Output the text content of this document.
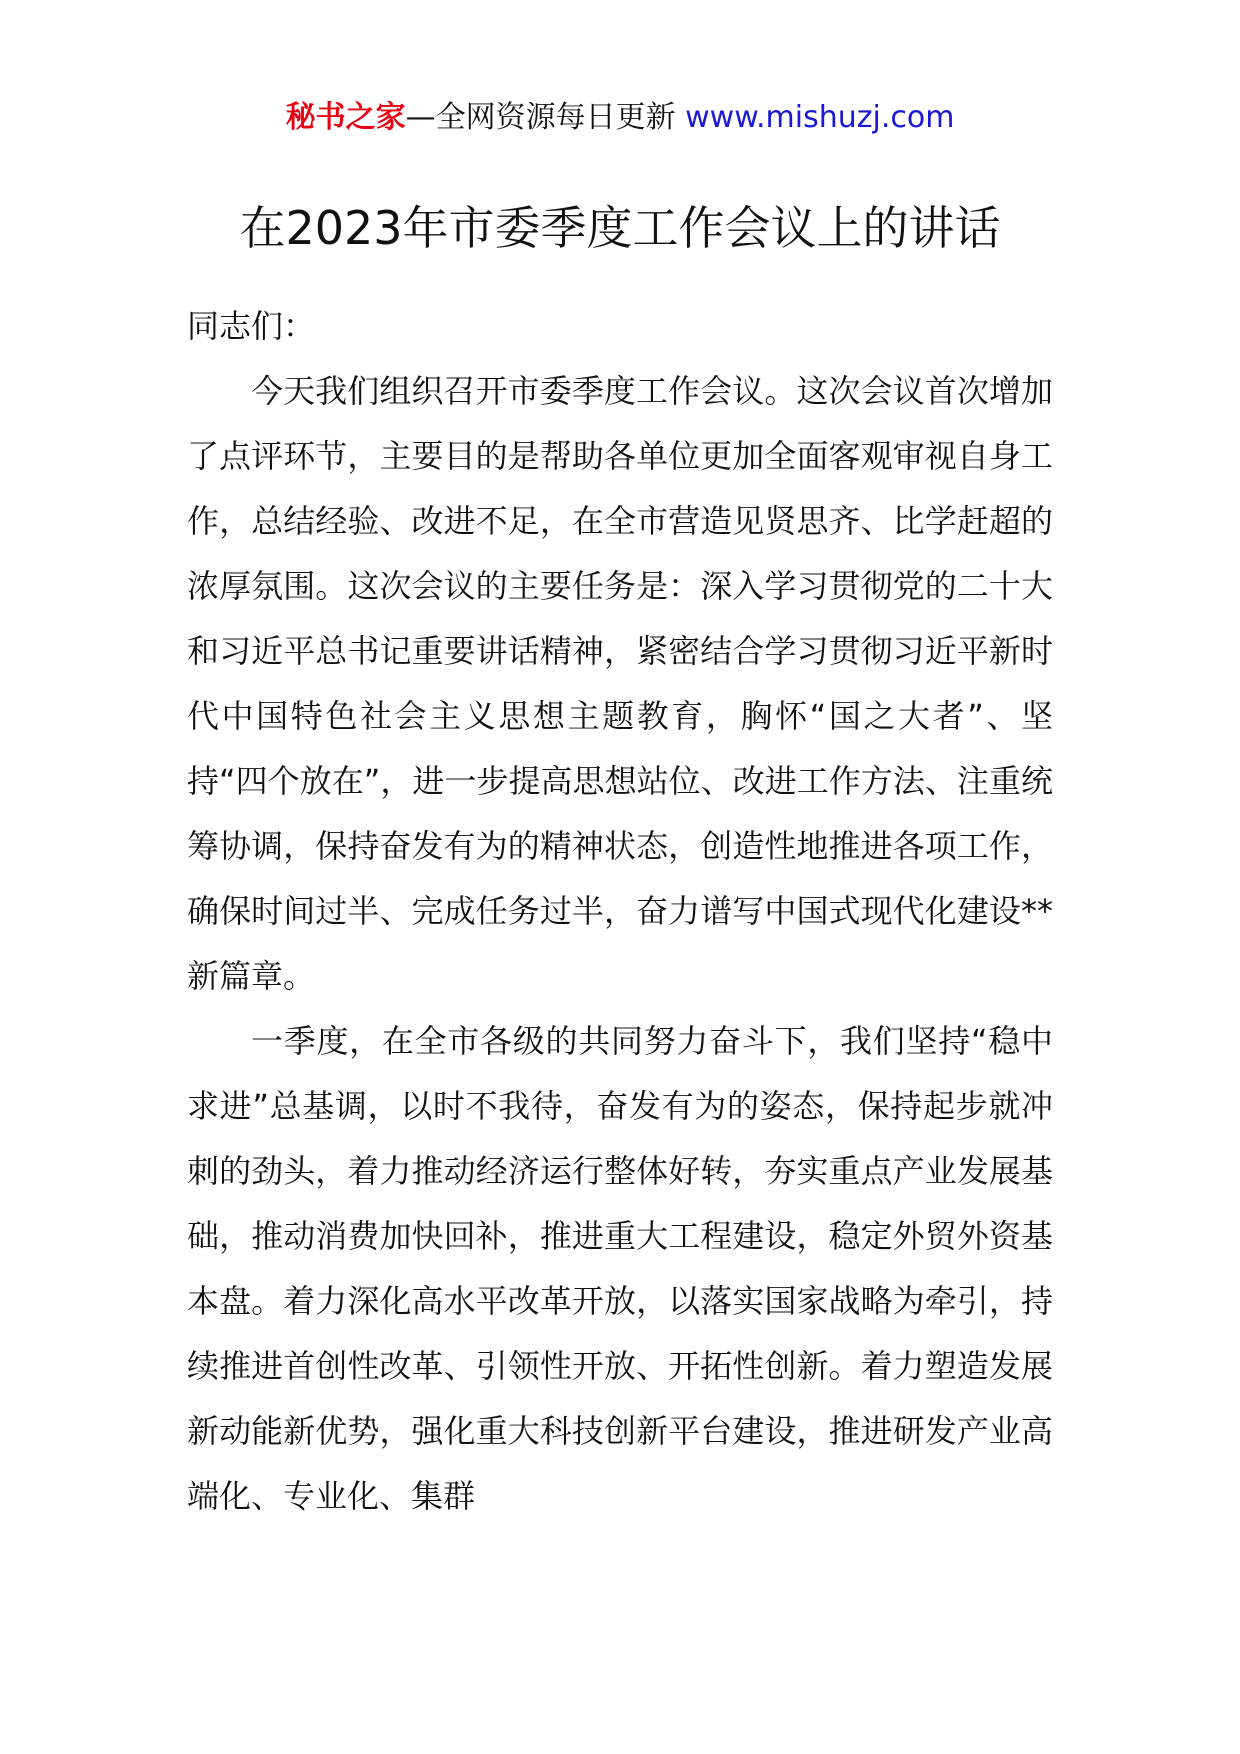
秘书之家—全网资源每日更新 www.mishuzj.com
在2023年市委季度工作会议上的讲话

同志们：

今天我们组织召开市委季度工作会议。这次会议首次增加了点评环节，主要目的是帮助各单位更加全面客观审视自身工作，总结经验、改进不足，在全市营造见贤思齐、比学赶超的浓厚氛围。这次会议的主要任务是：深入学习贯彻党的二十大和习近平总书记重要讲话精神，紧密结合学习贯彻习近平新时代中国特色社会主义思想主题教育，胸怀“国之大者”、坚持“四个放在”，进一步提高思想站位、改进工作方法、注重统筹协调，保持奋发有为的精神状态，创造性地推进各项工作，确保时间过半、完成任务过半，奋力谱写中国式现代化建设**新篇章。

一季度，在全市各级的共同努力奋斗下，我们坚持“稳中求进”总基调，以时不我待，奋发有为的姿态，保持起步就冲刺的劲头，着力推动经济运行整体好转，夯实重点产业发展基础，推动消费加快回补，推进重大工程建设，稳定外贸外资基本盘。着力深化高水平改革开放，以落实国家战略为牵引，持续推进首创性改革、引领性开放、开拓性创新。着力塑造发展新动能新优势，强化重大科技创新平台建设，推进研发产业高端化、专业化、集群
